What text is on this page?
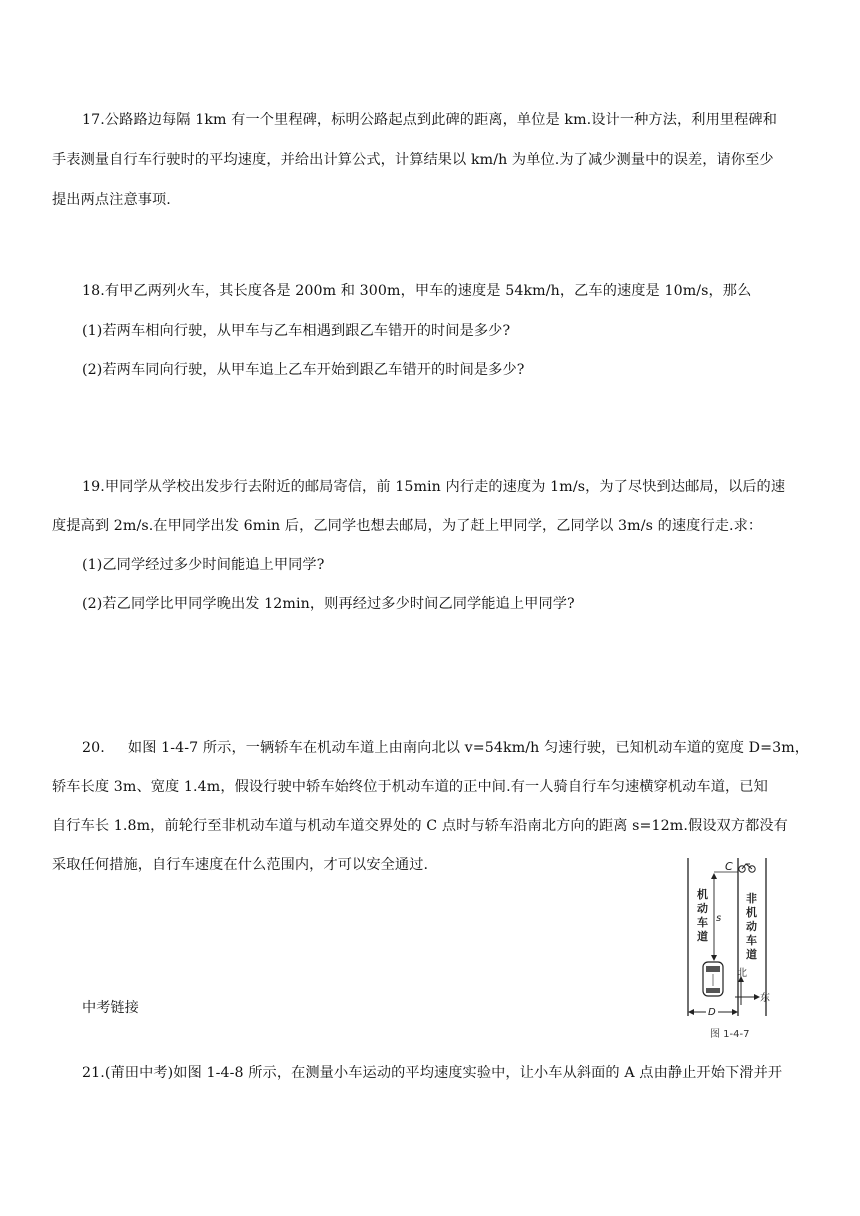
17.公路路边每隔 1km 有一个里程碑，标明公路起点到此碑的距离，单位是 km.设计一种方法，利用里程碑和
手表测量自行车行驶时的平均速度，并给出计算公式，计算结果以 km/h 为单位.为了减少测量中的误差，请你至少
提出两点注意事项.
18.有甲乙两列火车，其长度各是 200m 和 300m，甲车的速度是 54km/h，乙车的速度是 10m/s，那么
(1)若两车相向行驶，从甲车与乙车相遇到跟乙车错开的时间是多少?
(2)若两车同向行驶，从甲车追上乙车开始到跟乙车错开的时间是多少?
19.甲同学从学校出发步行去附近的邮局寄信，前 15min 内行走的速度为 1m/s，为了尽快到达邮局，以后的速
度提高到 2m/s.在甲同学出发 6min 后，乙同学也想去邮局，为了赶上甲同学，乙同学以 3m/s 的速度行走.求：
(1)乙同学经过多少时间能追上甲同学?
(2)若乙同学比甲同学晚出发 12min，则再经过多少时间乙同学能追上甲同学?
20.     如图 1-4-7 所示，一辆轿车在机动车道上由南向北以 v=54km/h 匀速行驶，已知机动车道的宽度 D=3m，
轿车长度 3m、宽度 1.4m，假设行驶中轿车始终位于机动车道的正中间.有一人骑自行车匀速横穿机动车道，已知
自行车长 1.8m，前轮行至非机动车道与机动车道交界处的 C 点时与轿车沿南北方向的距离 s=12m.假设双方都没有
采取任何措施，自行车速度在什么范围内，才可以安全通过.
中考链接
21.(莆田中考)如图 1-4-8 所示，在测量小车运动的平均速度实验中，让小车从斜面的 A 点由静止开始下滑并开
C
s
机动车道
非机动车道
北
东
D
图 1-4-7
